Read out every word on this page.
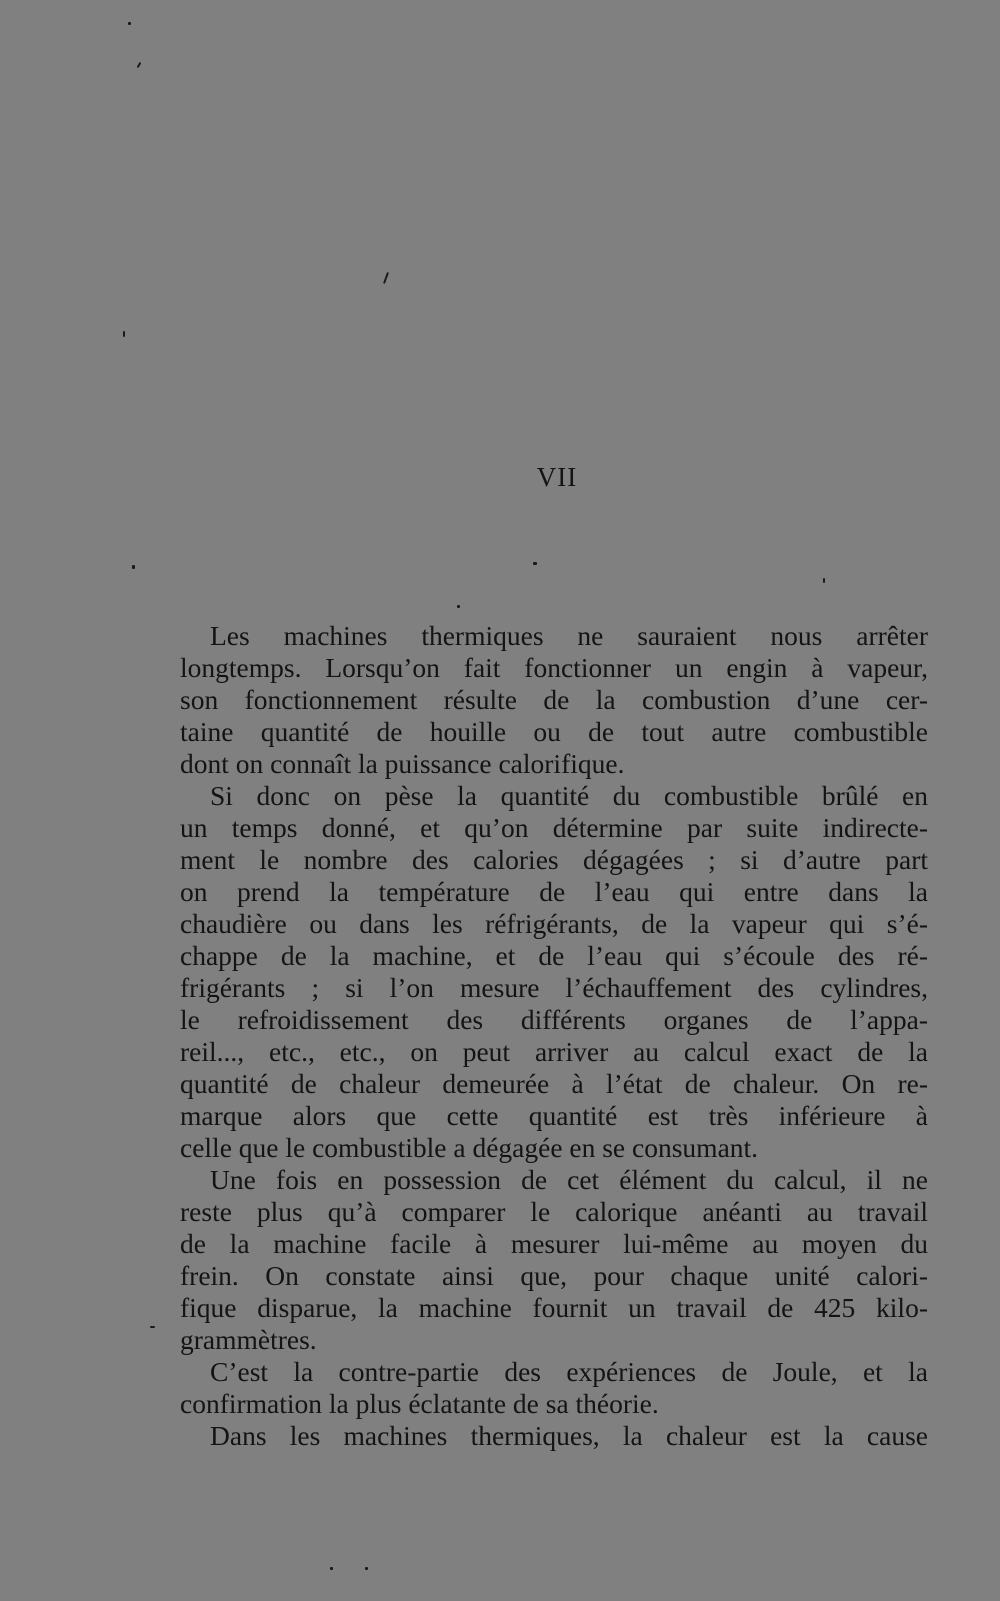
VII
Les machines thermiques ne sauraient nous arrêter
longtemps. Lorsqu’on fait fonctionner un engin à vapeur,
son fonctionnement résulte de la combustion d’une cer-
taine quantité de houille ou de tout autre combustible
dont on connaît la puissance calorifique.
Si donc on pèse la quantité du combustible brûlé en
un temps donné, et qu’on détermine par suite indirecte-
ment le nombre des calories dégagées ; si d’autre part
on prend la température de l’eau qui entre dans la
chaudière ou dans les réfrigérants, de la vapeur qui s’é-
chappe de la machine, et de l’eau qui s’écoule des ré-
frigérants ; si l’on mesure l’échauffement des cylindres,
le refroidissement des différents organes de l’appa-
reil..., etc., etc., on peut arriver au calcul exact de la
quantité de chaleur demeurée à l’état de chaleur. On re-
marque alors que cette quantité est très inférieure à
celle que le combustible a dégagée en se consumant.
Une fois en possession de cet élément du calcul, il ne
reste plus qu’à comparer le calorique anéanti au travail
de la machine facile à mesurer lui-même au moyen du
frein. On constate ainsi que, pour chaque unité calori-
fique disparue, la machine fournit un travail de 425 kilo-
grammètres.
C’est la contre-partie des expériences de Joule, et la
confirmation la plus éclatante de sa théorie.
Dans les machines thermiques, la chaleur est la cause
